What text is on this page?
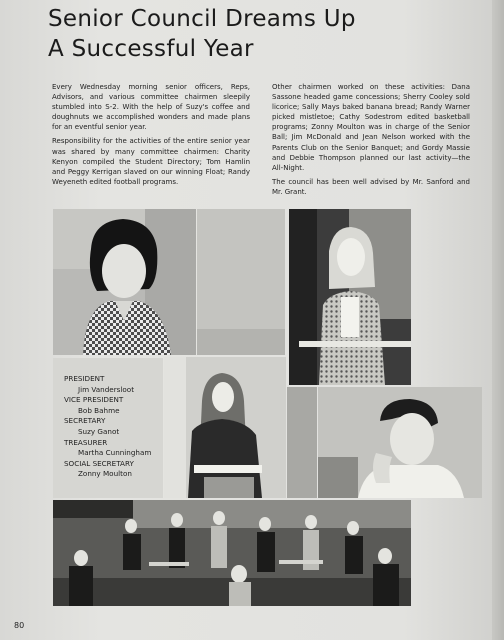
Senior Council Dreams Up
A Successful Year

Every Wednesday morning senior officers, Reps, Advisors, and various committee chairmen sleepily stumbled into S-2. With the help of Suzy's coffee and doughnuts we accomplished wonders and made plans for an eventful senior year.

Responsibility for the activities of the entire senior year was shared by many committee chairmen: Charity Kenyon compiled the Student Directory; Tom Hamlin and Peggy Kerrigan slaved on our winning Float; Randy Weyeneth edited football programs.

Other chairmen worked on these activities: Dana Sassone headed game concessions; Sherry Cooley sold licorice; Sally Mays baked banana bread; Randy Warner picked mistletoe; Cathy Sodestrom edited basketball programs; Zonny Moulton was in charge of the Senior Ball; Jim McDonald and Jean Nelson worked with the Parents Club on the Senior Banquet; and Gordy Massie and Debbie Thompson planned our last activity—the All-Night.

The council has been well advised by Mr. Sanford and Mr. Grant.

PRESIDENT
Jim Vandersloot
VICE PRESIDENT
Bob Bahme
SECRETARY
Suzy Ganot
TREASURER
Martha Cunningham
SOCIAL SECRETARY
Zonny Moulton
80
